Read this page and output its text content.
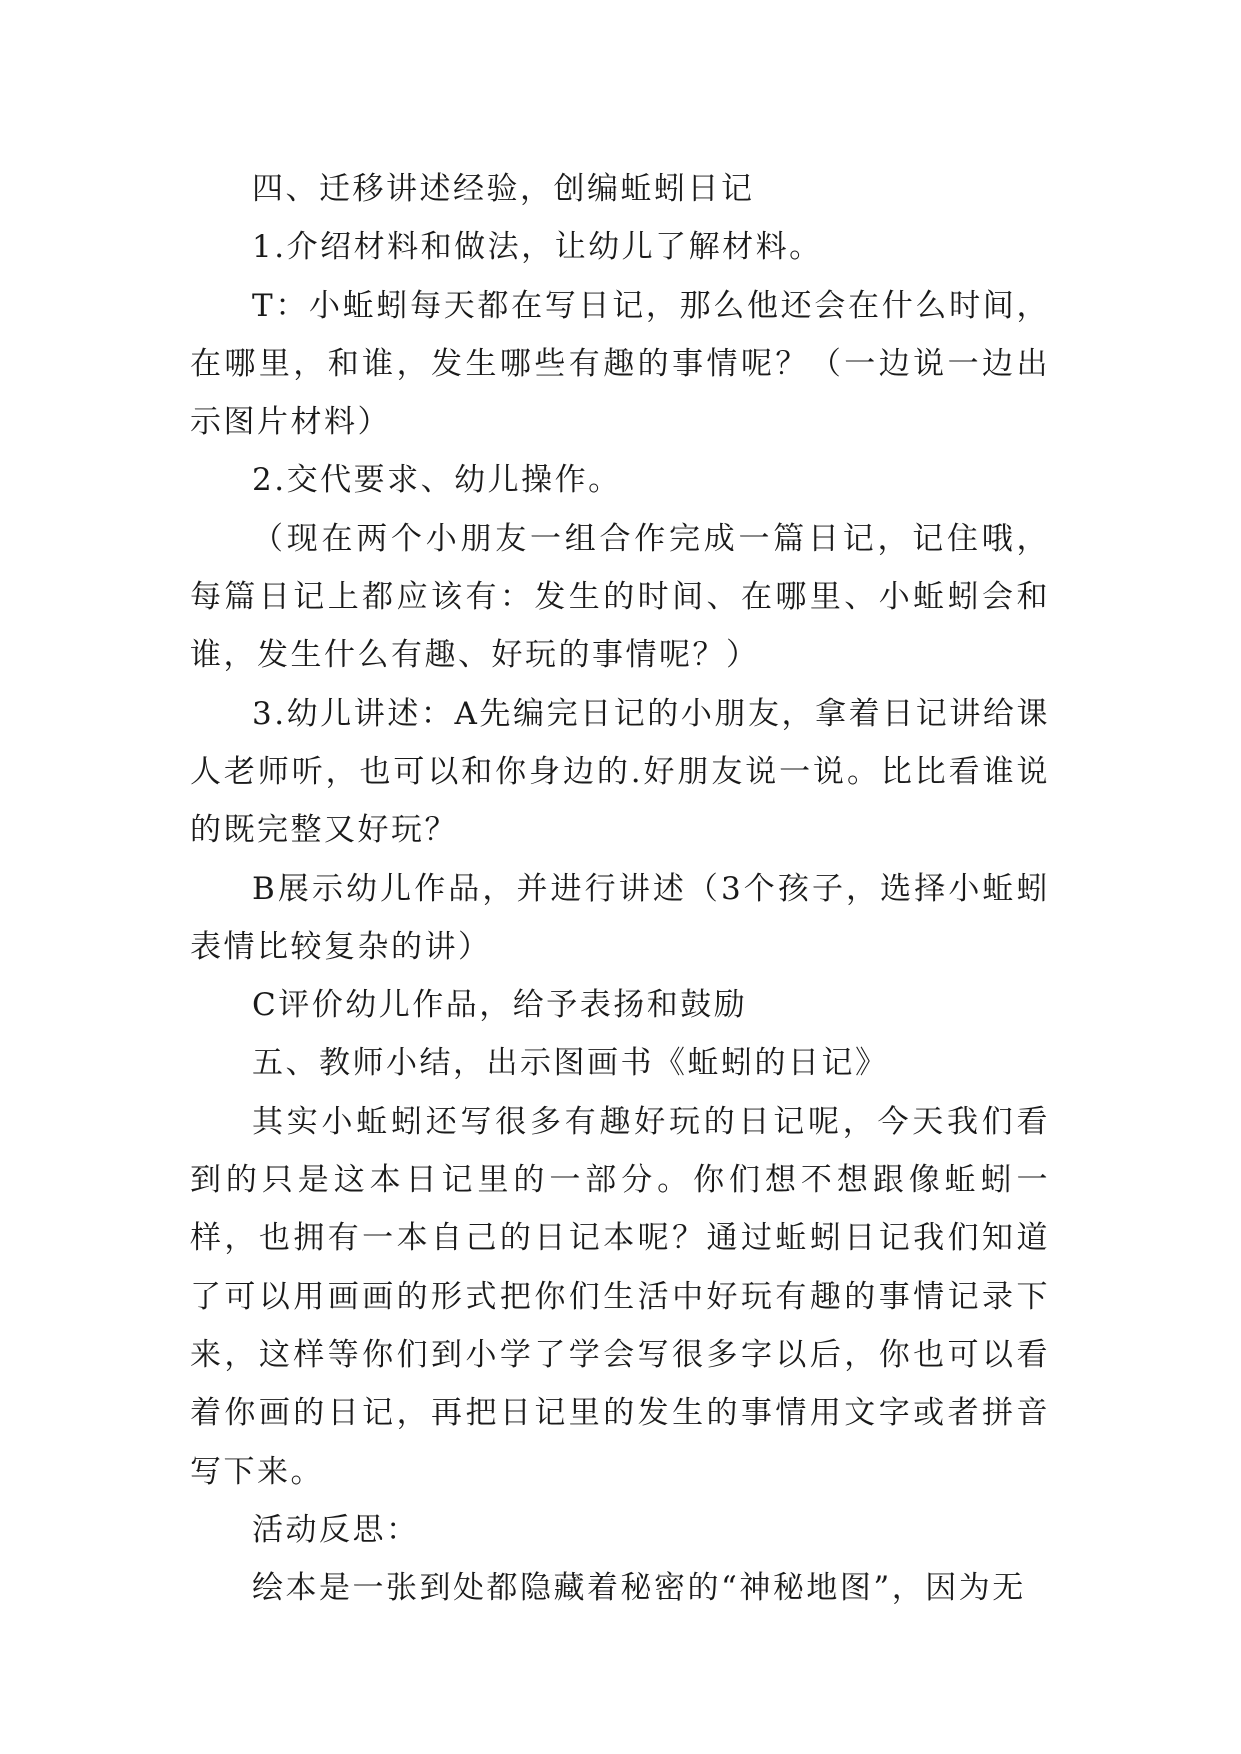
四、迁移讲述经验，创编蚯蚓日记

1.介绍材料和做法，让幼儿了解材料。

T：小蚯蚓每天都在写日记，那么他还会在什么时间，在哪里，和谁，发生哪些有趣的事情呢？（一边说一边出示图片材料）

2.交代要求、幼儿操作。

（现在两个小朋友一组合作完成一篇日记，记住哦，每篇日记上都应该有：发生的时间、在哪里、小蚯蚓会和谁，发生什么有趣、好玩的事情呢？）

3.幼儿讲述：A先编完日记的小朋友，拿着日记讲给课人老师听，也可以和你身边的.好朋友说一说。比比看谁说的既完整又好玩？

B展示幼儿作品，并进行讲述（3个孩子，选择小蚯蚓表情比较复杂的讲）

C评价幼儿作品，给予表扬和鼓励

五、教师小结，出示图画书《蚯蚓的日记》

其实小蚯蚓还写很多有趣好玩的日记呢，今天我们看到的只是这本日记里的一部分。你们想不想跟像蚯蚓一样，也拥有一本自己的日记本呢？通过蚯蚓日记我们知道了可以用画画的形式把你们生活中好玩有趣的事情记录下来，这样等你们到小学了学会写很多字以后，你也可以看着你画的日记，再把日记里的发生的事情用文字或者拼音写下来。

活动反思：

绘本是一张到处都隐藏着秘密的“神秘地图”，因为无
